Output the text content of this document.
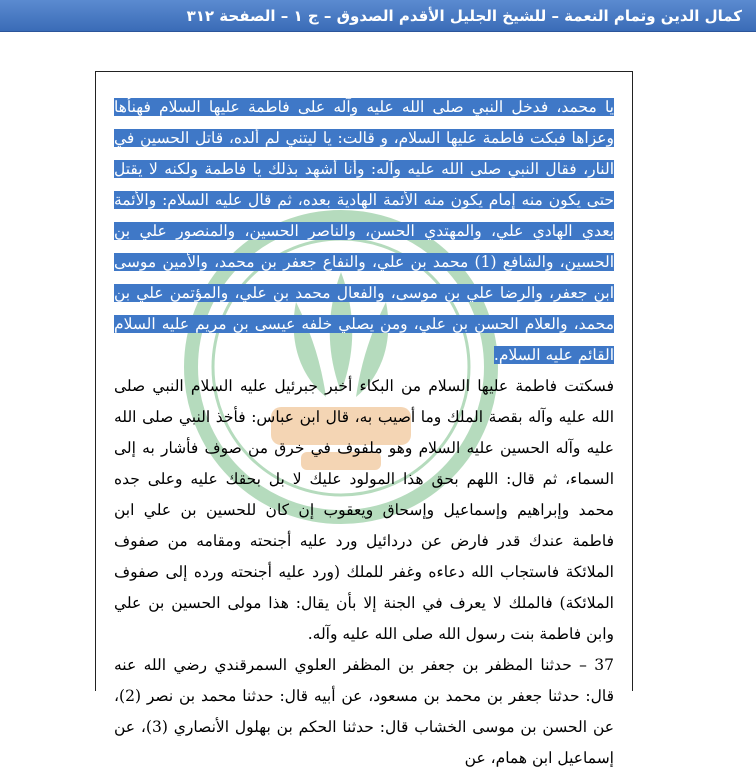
كمال الدين وتمام النعمة – للشيخ الجليل الأقدم الصدوق – ج ١ – الصفحة ٣١٢

يا محمد، فدخل النبي صلى الله عليه وآله على فاطمة عليها السلام فهنأها وعزاها فبكت فاطمة عليها السلام، و قالت: يا ليتني لم ألده، قاتل الحسين في النار، فقال النبي صلى الله عليه وآله: وأنا أشهد بذلك يا فاطمة ولكنه لا يقتل حتى يكون منه إمام يكون منه الأئمة الهادية بعده، ثم قال عليه السلام: والأئمة بعدي الهادي علي، والمهتدي الحسن، والناصر الحسين، والمنصور علي بن الحسين، والشافع (1) محمد بن علي، والنفاع جعفر بن محمد، والأمين موسى ابن جعفر، والرضا علي بن موسى، والفعال محمد بن علي، والمؤتمن علي بن محمد، والعلام الحسن بن علي، ومن يصلي خلفه عيسى بن مريم عليه السلام القائم عليه السلام.

فسكتت فاطمة عليها السلام من البكاء أخبر جبرئيل عليه السلام النبي صلى الله عليه وآله بقصة الملك وما أصيب به، قال ابن عباس: فأخذ النبي صلى الله عليه وآله الحسين عليه السلام وهو ملفوف في خرق من صوف فأشار به إلى السماء، ثم قال: اللهم بحق هذا المولود عليك لا بل بحقك عليه وعلى جده محمد وإبراهيم وإسماعيل وإسحاق ويعقوب إن كان للحسين بن علي ابن فاطمة عندك قدر فارض عن دردائيل ورد عليه أجنحته ومقامه من صفوف الملائكة فاستجاب الله دعاءه وغفر للملك (ورد عليه أجنحته ورده إلى صفوف الملائكة) فالملك لا يعرف في الجنة إلا بأن يقال: هذا مولى الحسين بن علي وابن فاطمة بنت رسول الله صلى الله عليه وآله.

37 – حدثنا المظفر بن جعفر بن المظفر العلوي السمرقندي رضي الله عنه قال: حدثنا جعفر بن محمد بن مسعود، عن أبيه قال: حدثنا محمد بن نصر (2)، عن الحسن بن موسى الخشاب قال: حدثنا الحكم بن بهلول الأنصاري (3)، عن إسماعيل ابن همام، عن
